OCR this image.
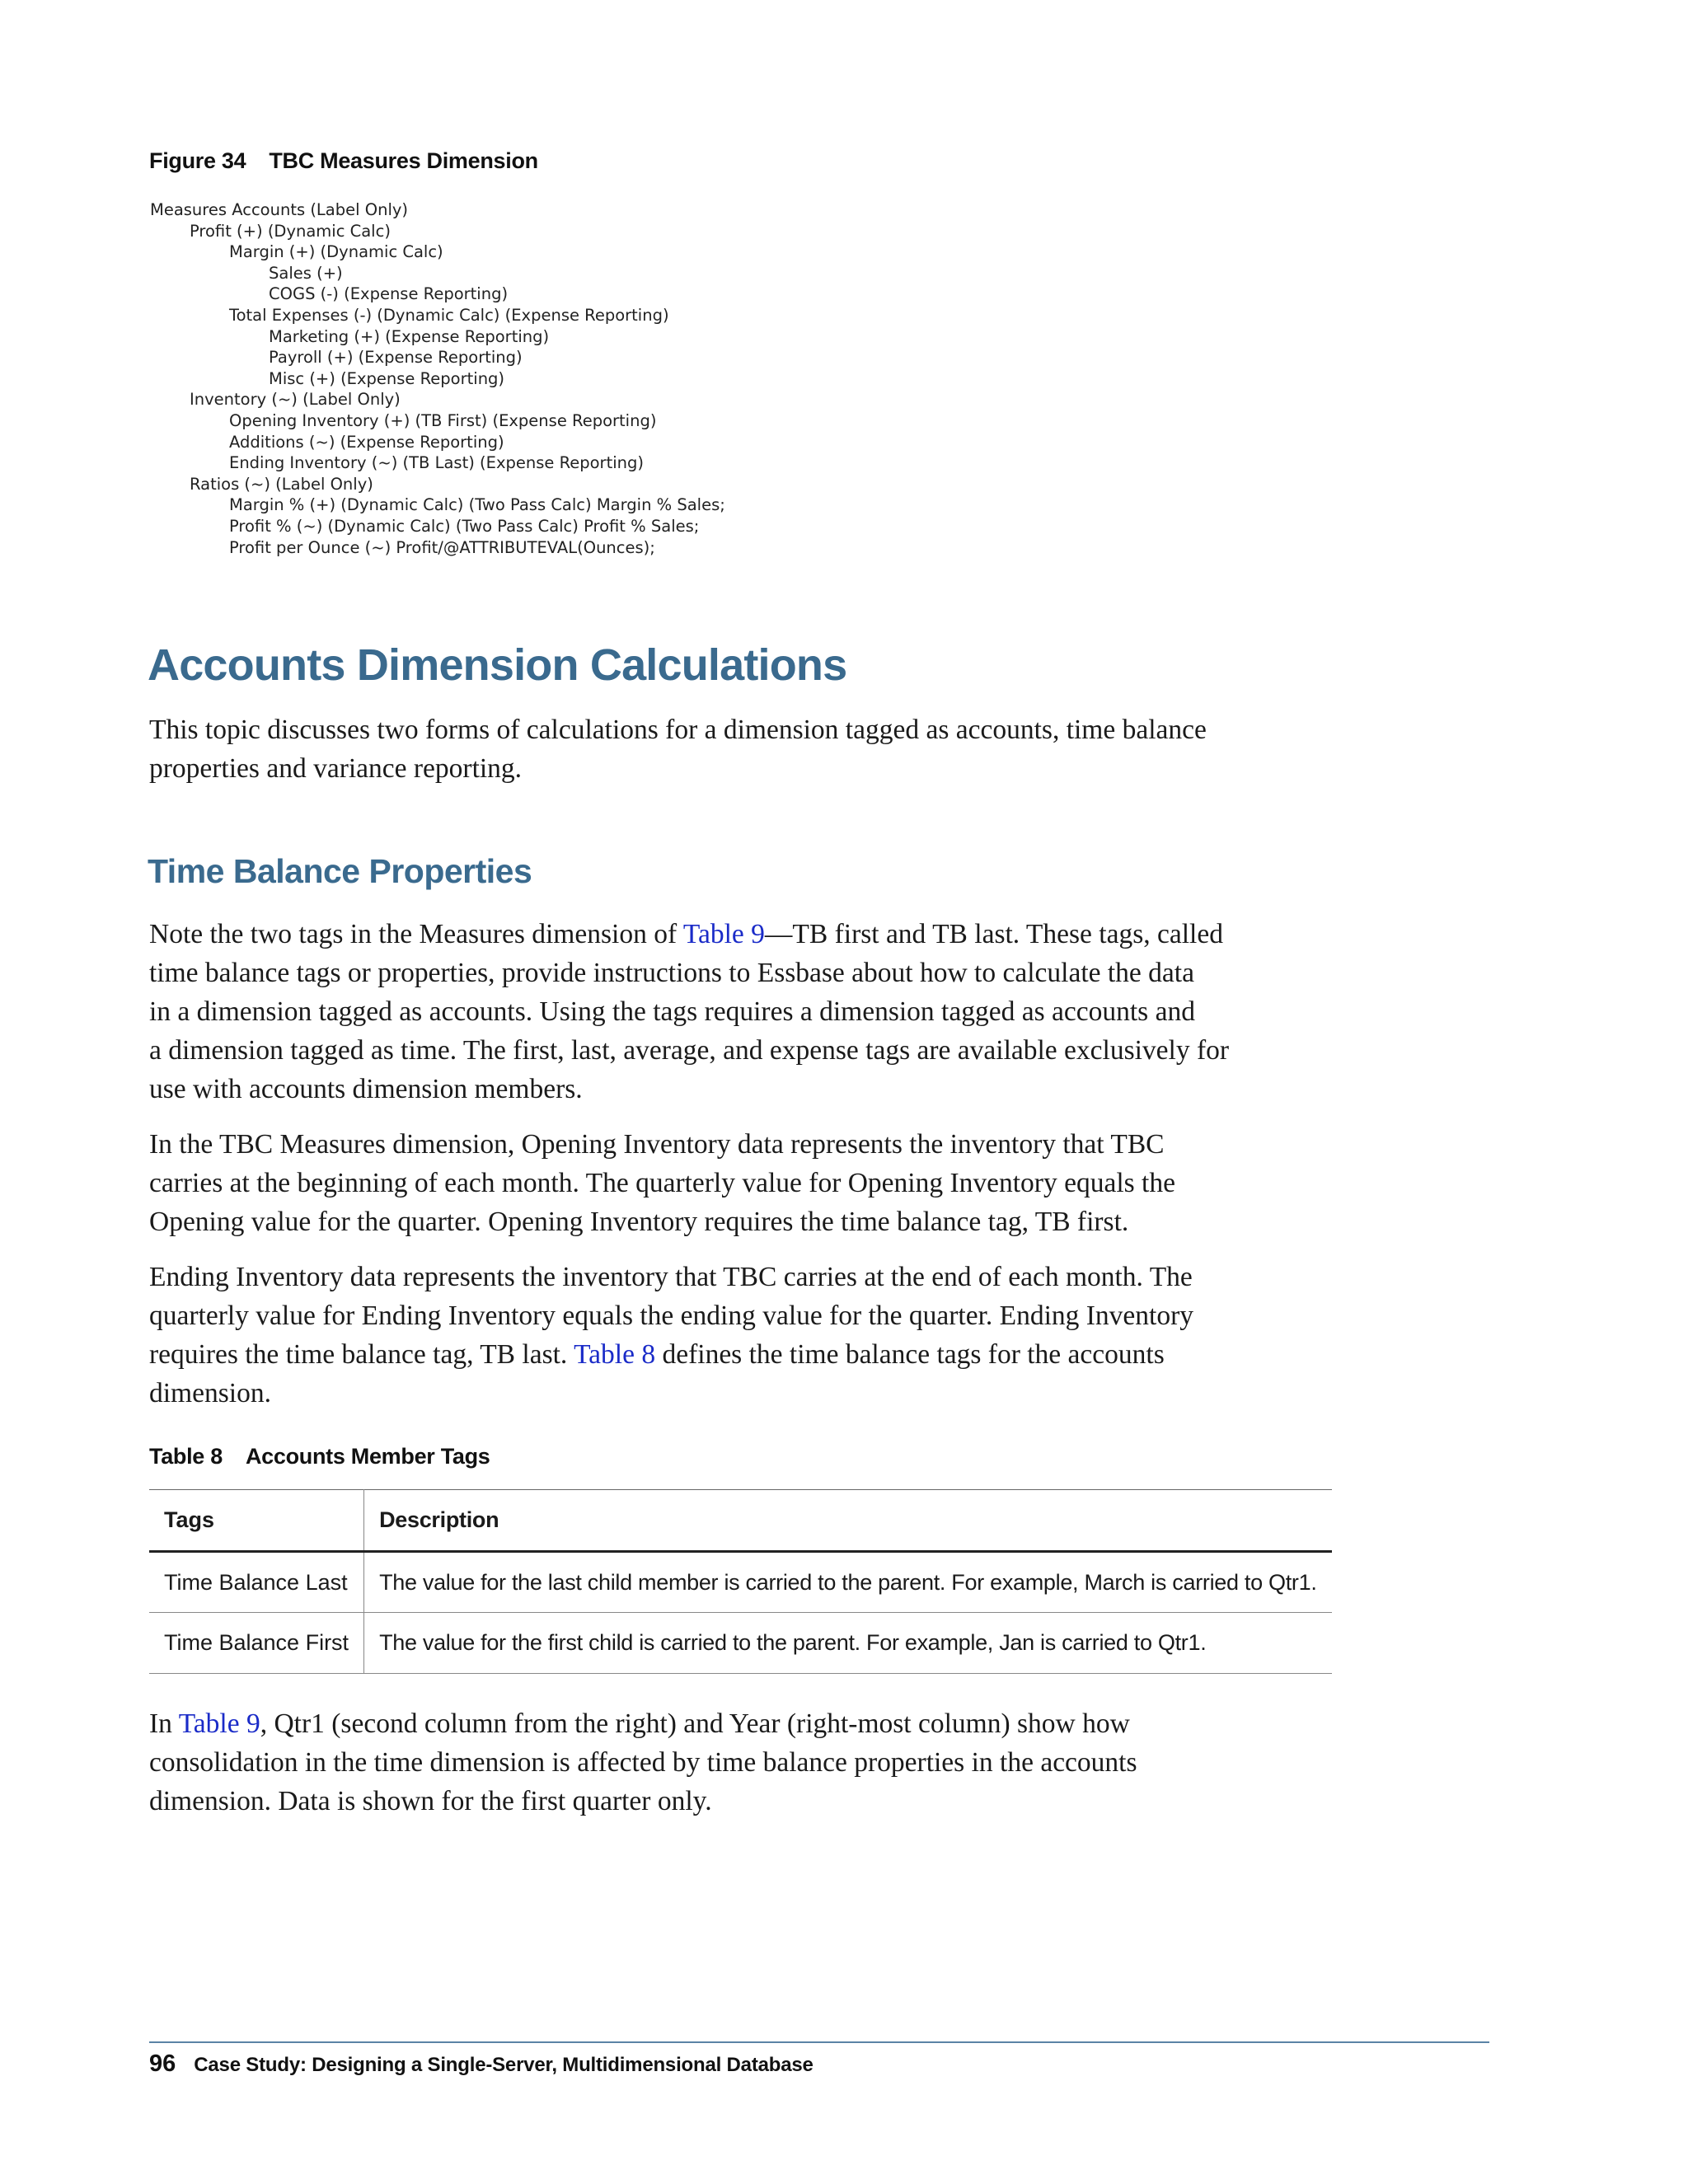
Figure 34 TBC Measures Dimension
Measures Accounts (Label Only)
Profit (+) (Dynamic Calc)
Margin (+) (Dynamic Calc)
Sales (+)
COGS (-) (Expense Reporting)
Total Expenses (-) (Dynamic Calc) (Expense Reporting)
Marketing (+) (Expense Reporting)
Payroll (+) (Expense Reporting)
Misc (+) (Expense Reporting)
Inventory (~) (Label Only)
Opening Inventory (+) (TB First) (Expense Reporting)
Additions (~) (Expense Reporting)
Ending Inventory (~) (TB Last) (Expense Reporting)
Ratios (~) (Label Only)
Margin % (+) (Dynamic Calc) (Two Pass Calc) Margin % Sales;
Profit % (~) (Dynamic Calc) (Two Pass Calc) Profit % Sales;
Profit per Ounce (~) Profit/@ATTRIBUTEVAL(Ounces);
Accounts Dimension Calculations

This topic discusses two forms of calculations for a dimension tagged as accounts, time balance
properties and variance reporting.

Time Balance Properties

Note the two tags in the Measures dimension of Table 9—TB first and TB last. These tags, called
time balance tags or properties, provide instructions to Essbase about how to calculate the data
in a dimension tagged as accounts. Using the tags requires a dimension tagged as accounts and
a dimension tagged as time. The first, last, average, and expense tags are available exclusively for
use with accounts dimension members.

In the TBC Measures dimension, Opening Inventory data represents the inventory that TBC
carries at the beginning of each month. The quarterly value for Opening Inventory equals the
Opening value for the quarter. Opening Inventory requires the time balance tag, TB first.

Ending Inventory data represents the inventory that TBC carries at the end of each month. The
quarterly value for Ending Inventory equals the ending value for the quarter. Ending Inventory
requires the time balance tag, TB last. Table 8 defines the time balance tags for the accounts
dimension.

Table 8 Accounts Member Tags
Tags	Description
Time Balance Last	The value for the last child member is carried to the parent. For example, March is carried to Qtr1.
Time Balance First	The value for the first child is carried to the parent. For example, Jan is carried to Qtr1.

In Table 9, Qtr1 (second column from the right) and Year (right-most column) show how
consolidation in the time dimension is affected by time balance properties in the accounts
dimension. Data is shown for the first quarter only.

96 Case Study: Designing a Single-Server, Multidimensional Database
